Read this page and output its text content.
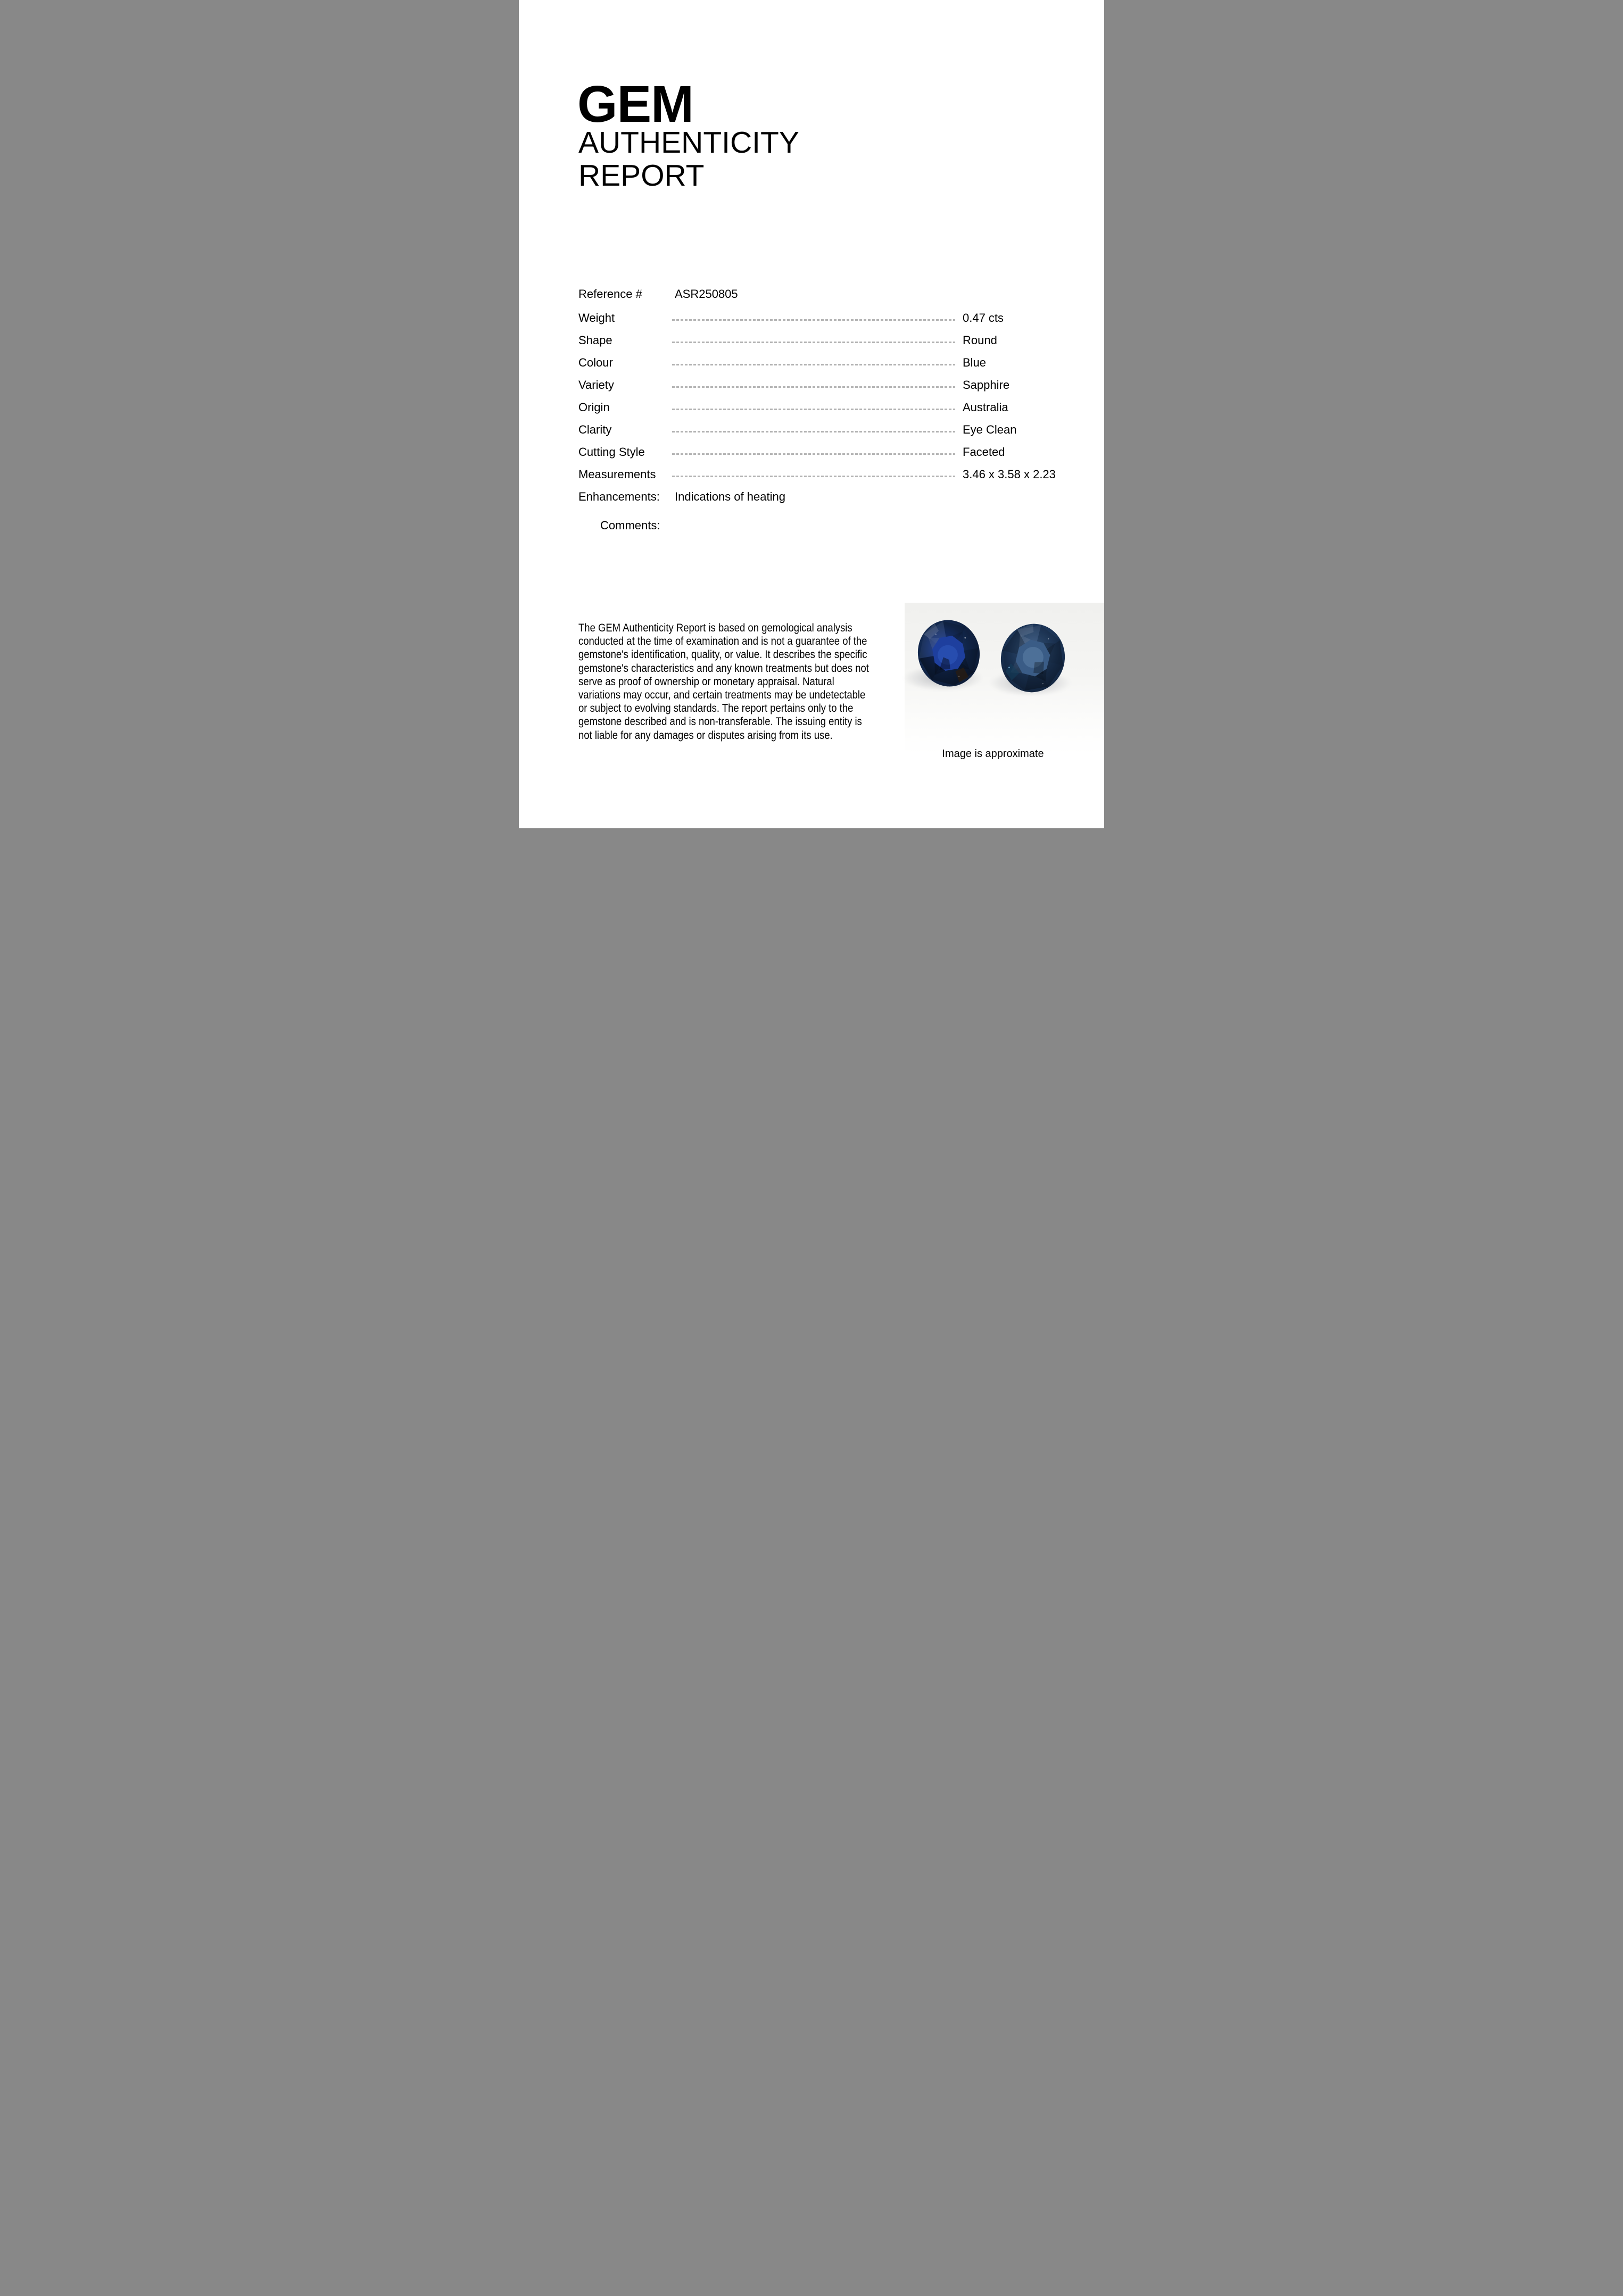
GEM
AUTHENTICITY
REPORT
Reference #	ASR250805
Weight	0.47 cts
Shape	Round
Colour	Blue
Variety	Sapphire
Origin	Australia
Clarity	Eye Clean
Cutting Style	Faceted
Measurements	3.46 x 3.58 x 2.23
Enhancements: Indications of heating
Comments:
The GEM Authenticity Report is based on gemological analysis
conducted at the time of examination and is not a guarantee of the
gemstone's identification, quality, or value. It describes the specific
gemstone's characteristics and any known treatments but does not
serve as proof of ownership or monetary appraisal. Natural
variations may occur, and certain treatments may be undetectable
or subject to evolving standards. The report pertains only to the
gemstone described and is non-transferable. The issuing entity is
not liable for any damages or disputes arising from its use.
Image is approximate
